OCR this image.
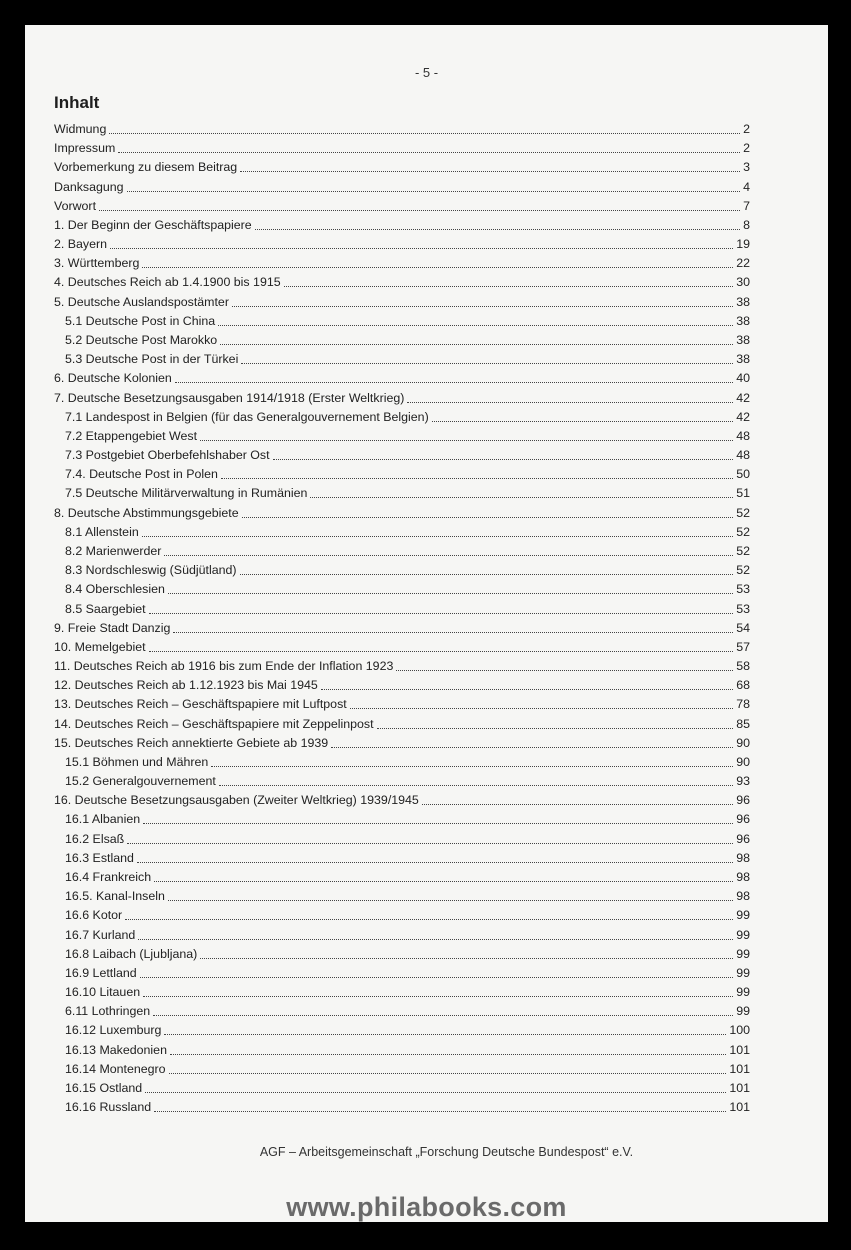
- 5 -
Inhalt
Widmung	2
Impressum	2
Vorbemerkung zu diesem Beitrag	3
Danksagung	4
Vorwort	7
1. Der Beginn der Geschäftspapiere	8
2. Bayern	19
3. Württemberg	22
4. Deutsches Reich ab 1.4.1900 bis 1915	30
5. Deutsche Auslandspostämter	38
5.1 Deutsche Post in China	38
5.2 Deutsche Post Marokko	38
5.3 Deutsche Post in der Türkei	38
6. Deutsche Kolonien	40
7. Deutsche Besetzungsausgaben 1914/1918 (Erster Weltkrieg)	42
7.1 Landespost in Belgien (für das Generalgouvernement Belgien)	42
7.2 Etappengebiet West	48
7.3 Postgebiet Oberbefehlshaber Ost	48
7.4. Deutsche Post in Polen	50
7.5 Deutsche Militärverwaltung in Rumänien	51
8. Deutsche Abstimmungsgebiete	52
8.1 Allenstein	52
8.2 Marienwerder	52
8.3 Nordschleswig (Südjütland)	52
8.4 Oberschlesien	53
8.5 Saargebiet	53
9. Freie Stadt Danzig	54
10. Memelgebiet	57
11. Deutsches Reich ab 1916 bis zum Ende der Inflation 1923	58
12. Deutsches Reich ab 1.12.1923 bis Mai 1945	68
13. Deutsches Reich – Geschäftspapiere mit Luftpost	78
14. Deutsches Reich – Geschäftspapiere mit Zeppelinpost	85
15. Deutsches Reich annektierte Gebiete ab 1939	90
15.1 Böhmen und Mähren	90
15.2 Generalgouvernement	93
16. Deutsche Besetzungsausgaben (Zweiter Weltkrieg) 1939/1945	96
16.1 Albanien	96
16.2 Elsaß	96
16.3 Estland	98
16.4 Frankreich	98
16.5. Kanal-Inseln	98
16.6 Kotor	99
16.7 Kurland	99
16.8 Laibach (Ljubljana)	99
16.9 Lettland	99
16.10 Litauen	99
6.11 Lothringen	99
16.12 Luxemburg	100
16.13 Makedonien	101
16.14 Montenegro	101
16.15 Ostland	101
16.16 Russland	101
AGF – Arbeitsgemeinschaft „Forschung Deutsche Bundespost“ e.V.
www.philabooks.com
